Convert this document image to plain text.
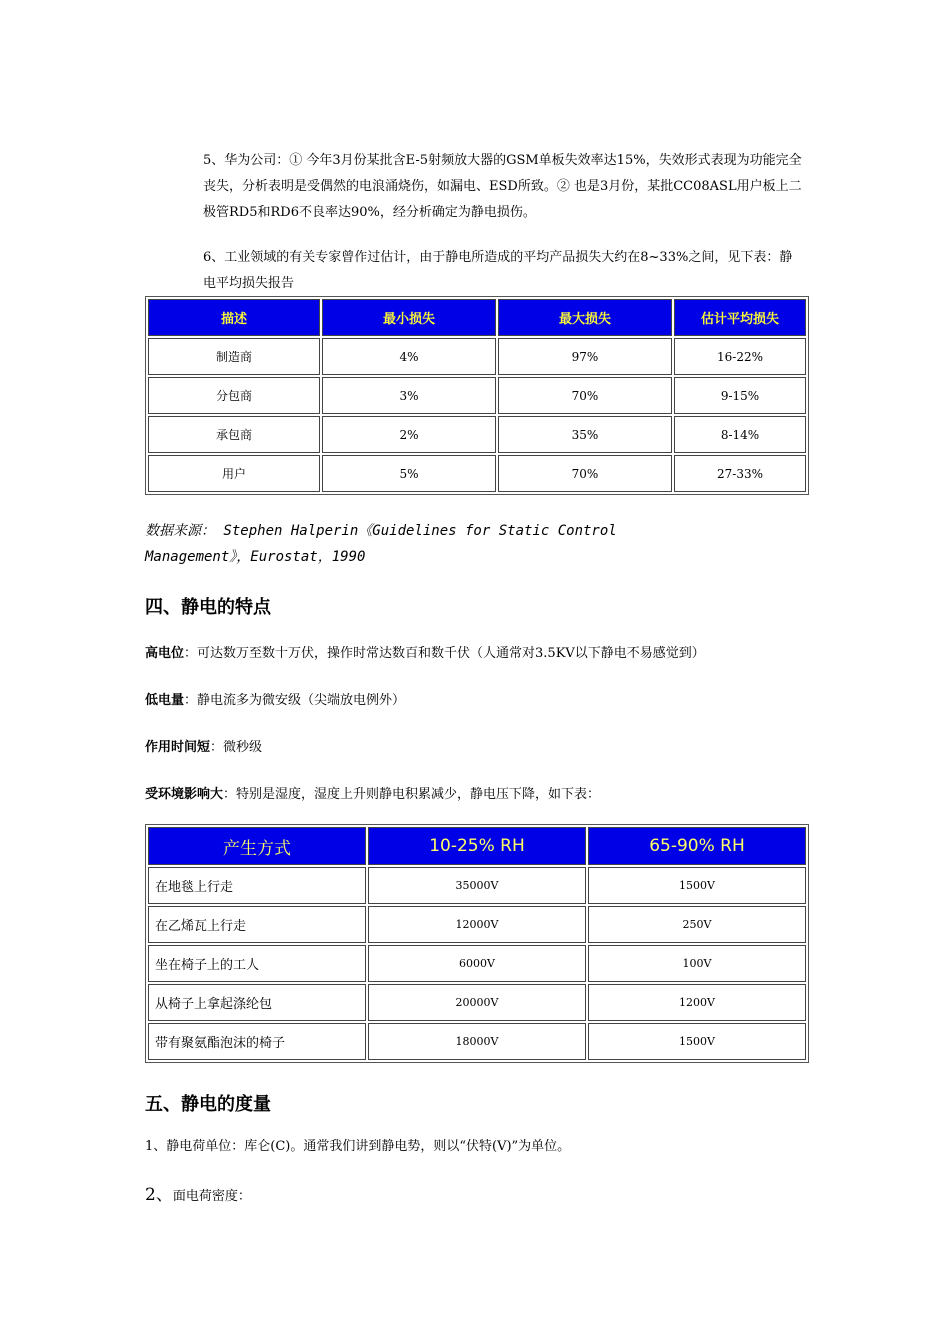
5、华为公司：① 今年3月份某批含E-5射频放大器的GSM单板失效率达15%，失效形式表现为功能完全丧失，分析表明是受偶然的电浪涌烧伤，如漏电、ESD所致。② 也是3月份，某批CC08ASL用户板上二极管RD5和RD6不良率达90%，经分析确定为静电损伤。
6、工业领域的有关专家曾作过估计，由于静电所造成的平均产品损失大约在8~33%之间，见下表：静电平均损失报告
描述	最小损失	最大损失	估计平均损失
制造商	4%	97%	16-22%
分包商	3%	70%	9-15%
承包商	2%	35%	8-14%
用户	5%	70%	27-33%
数据来源： Stephen Halperin《Guidelines for Static Control Management》，Eurostat，1990
四、静电的特点
高电位：可达数万至数十万伏，操作时常达数百和数千伏（人通常对3.5KV以下静电不易感觉到）
低电量：静电流多为微安级（尖端放电例外）
作用时间短：微秒级
受环境影响大：特别是湿度，湿度上升则静电积累减少，静电压下降，如下表：
产生方式	10-25% RH	65-90% RH
在地毯上行走	35000V	1500V
在乙烯瓦上行走	12000V	250V
坐在椅子上的工人	6000V	100V
从椅子上拿起涤纶包	20000V	1200V
带有聚氨酯泡沫的椅子	18000V	1500V
五、静电的度量
1、静电荷单位：库仑(C)。通常我们讲到静电势，则以“伏特(V)”为单位。
2、面电荷密度：
